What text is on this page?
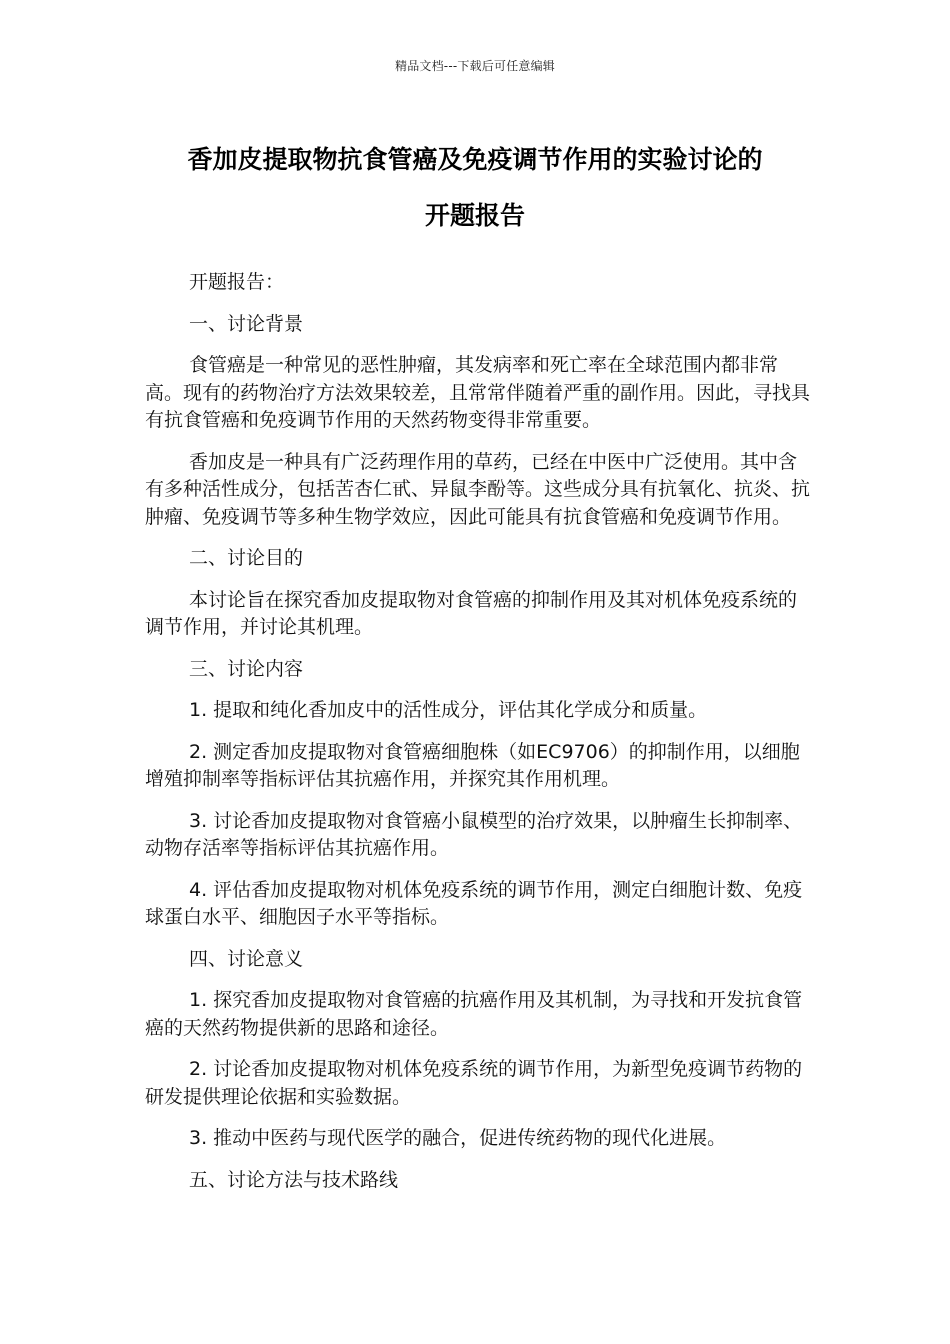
精品文档---下载后可任意编辑
香加皮提取物抗食管癌及免疫调节作用的实验讨论的
开题报告

开题报告：

一、讨论背景

食管癌是一种常见的恶性肿瘤，其发病率和死亡率在全球范围内都非常高。现有的药物治疗方法效果较差，且常常伴随着严重的副作用。因此，寻找具有抗食管癌和免疫调节作用的天然药物变得非常重要。

香加皮是一种具有广泛药理作用的草药，已经在中医中广泛使用。其中含有多种活性成分，包括苦杏仁甙、异鼠李酚等。这些成分具有抗氧化、抗炎、抗肿瘤、免疫调节等多种生物学效应，因此可能具有抗食管癌和免疫调节作用。

二、讨论目的

本讨论旨在探究香加皮提取物对食管癌的抑制作用及其对机体免疫系统的调节作用，并讨论其机理。

三、讨论内容

1. 提取和纯化香加皮中的活性成分，评估其化学成分和质量。

2. 测定香加皮提取物对食管癌细胞株（如EC9706）的抑制作用，以细胞增殖抑制率等指标评估其抗癌作用，并探究其作用机理。

3. 讨论香加皮提取物对食管癌小鼠模型的治疗效果，以肿瘤生长抑制率、动物存活率等指标评估其抗癌作用。

4. 评估香加皮提取物对机体免疫系统的调节作用，测定白细胞计数、免疫球蛋白水平、细胞因子水平等指标。

四、讨论意义

1. 探究香加皮提取物对食管癌的抗癌作用及其机制，为寻找和开发抗食管癌的天然药物提供新的思路和途径。

2. 讨论香加皮提取物对机体免疫系统的调节作用，为新型免疫调节药物的研发提供理论依据和实验数据。

3. 推动中医药与现代医学的融合，促进传统药物的现代化进展。

五、讨论方法与技术路线
